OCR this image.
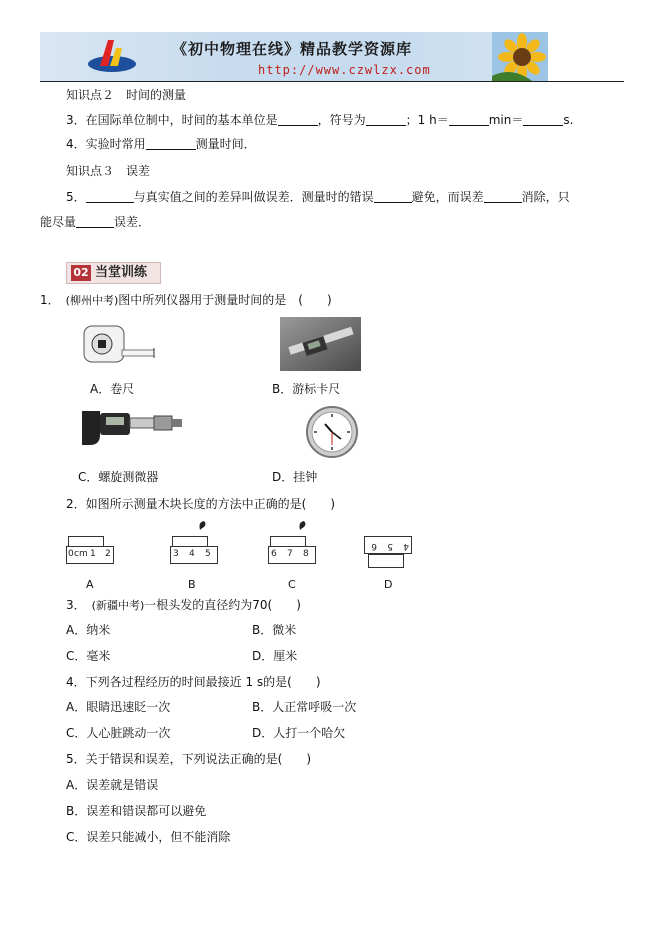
《初中物理在线》精品教学资源库
http://www.czwlzx.com
知识点２　时间的测量
3．在国际单位制中，时间的基本单位是	，符号为	；1 h＝	min＝	s.
4．实验时常用	测量时间．
知识点３　误差
5．	与真实值之间的差异叫做误差．测量时的错误	避免，而误差	消除，只
能尽量	误差．
02 当堂训练
1．　 (柳州中考)图中所列仪器用于测量时间的是　 (　　)
A．卷尺	B．游标卡尺
C．螺旋测微器	D．挂钟
2．如图所示测量木块长度的方法中正确的是(　　)
0 cm 1 2
A
3 4 5
B
6 7 8
C
4
5
6
D
3．　 (新疆中考)一根头发的直径约为70(　　)
A．纳米	B．微米
C．毫米	D．厘米
4．下列各过程经历的时间最接近 1 s的是(　　)
A．眼睛迅速眨一次	B．人正常呼吸一次
C．人心脏跳动一次	D．人打一个哈欠
5．关于错误和误差，下列说法正确的是(　　)
A．误差就是错误
B．误差和错误都可以避免
C．误差只能减小，但不能消除
